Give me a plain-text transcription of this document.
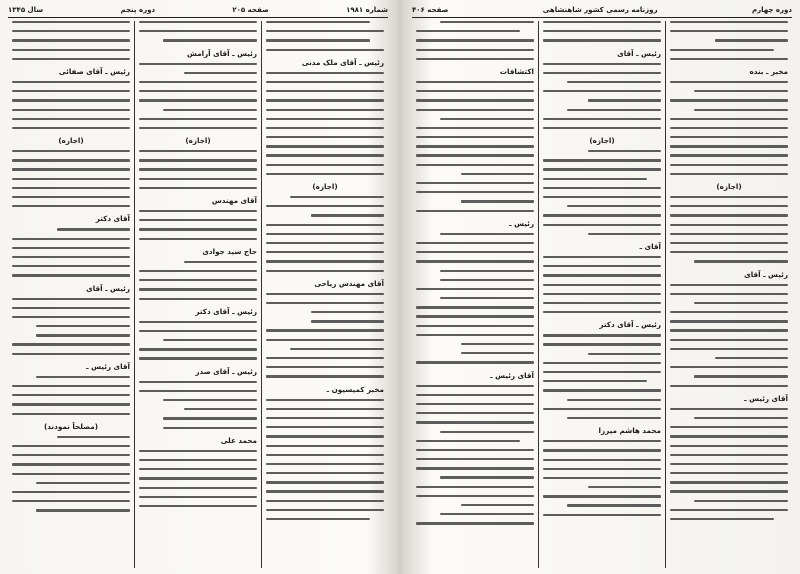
شماره ۱۹۸۱
صفحه ۲۰۵
دوره پنجم
سال ۱۳۴۵
رئیس ـ آقای ملک مدنی
(اجازه)
آقای مهندس ریاحی
مخبر کمیسیون ـ
رئیس ـ آقای آرامش
(اجازه)
آقای مهندس
حاج سید جوادی
رئیس ـ آقای دکتر
رئیس ـ آقای صدر
محمد علی
رئیس ـ آقای صفائی
(اجازه)
آقای دکتر
رئیس ـ آقای
آقای رئیس ـ
(مصلحاً نمودند)
دوره چهارم
روزنامه رسمی کشور شاهنشاهی
صفحه ۴۰۶
مخبر ـ بنده
(اجازه)
رئیس ـ آقای
آقای رئیس ـ
رئیس ـ آقای
(اجازه)
آقای ـ
رئیس ـ آقای دکتر
محمد هاشم میرزا
اکتشافات
رئیس ـ
آقای رئیس ـ
